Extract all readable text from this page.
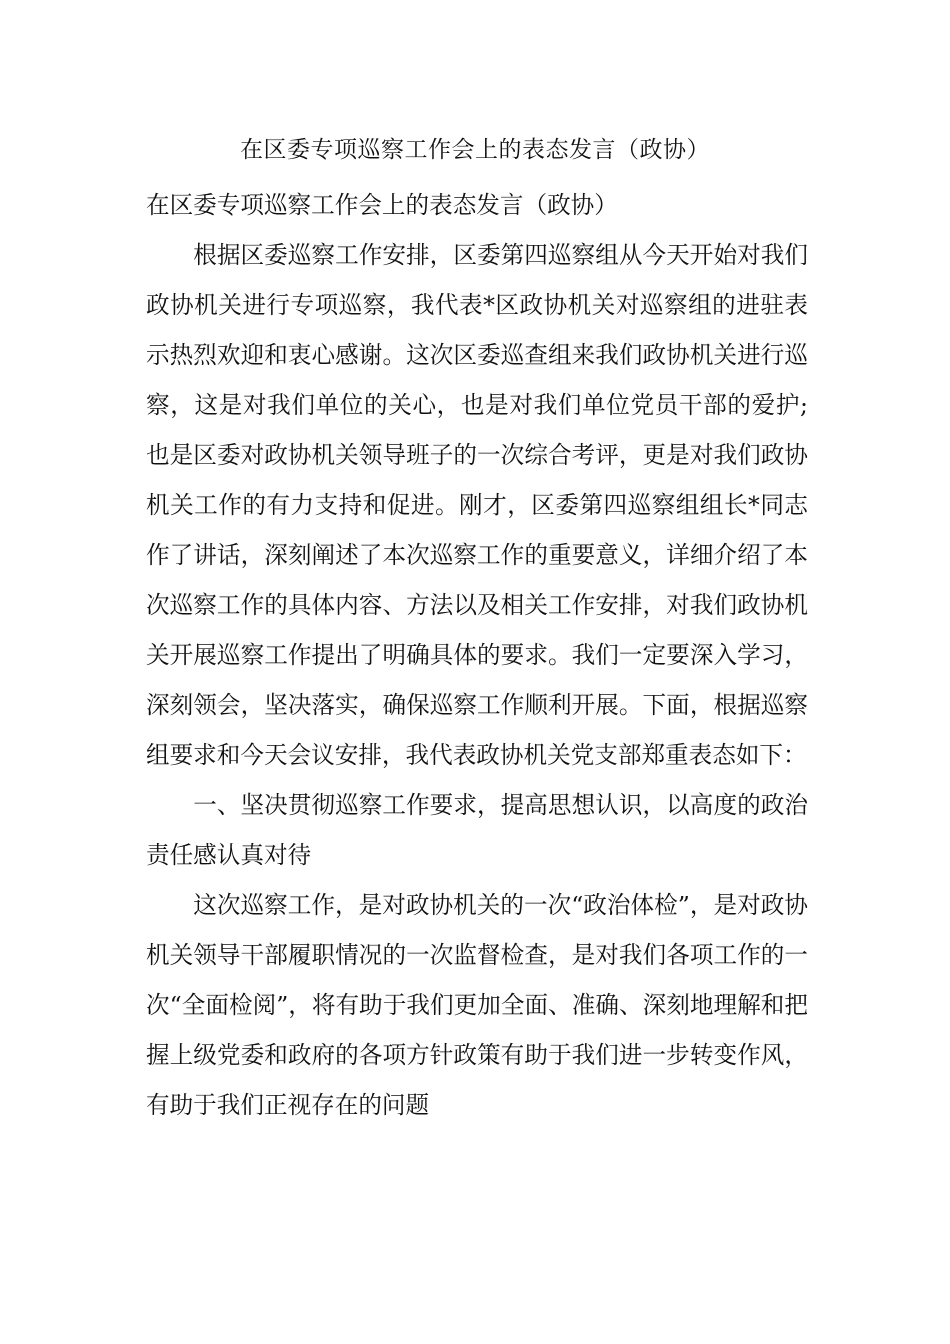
在区委专项巡察工作会上的表态发言（政协）

在区委专项巡察工作会上的表态发言（政协）

根据区委巡察工作安排，区委第四巡察组从今天开始对我们政协机关进行专项巡察，我代表*区政协机关对巡察组的进驻表示热烈欢迎和衷心感谢。这次区委巡查组来我们政协机关进行巡察，这是对我们单位的关心，也是对我们单位党员干部的爱护;也是区委对政协机关领导班子的一次综合考评，更是对我们政协机关工作的有力支持和促进。刚才，区委第四巡察组组长*同志作了讲话，深刻阐述了本次巡察工作的重要意义，详细介绍了本次巡察工作的具体内容、方法以及相关工作安排，对我们政协机关开展巡察工作提出了明确具体的要求。我们一定要深入学习，深刻领会，坚决落实，确保巡察工作顺利开展。下面，根据巡察组要求和今天会议安排，我代表政协机关党支部郑重表态如下：

一、坚决贯彻巡察工作要求，提高思想认识，以高度的政治责任感认真对待

这次巡察工作，是对政协机关的一次“政治体检”，是对政协机关领导干部履职情况的一次监督检查，是对我们各项工作的一次“全面检阅”，将有助于我们更加全面、准确、深刻地理解和把握上级党委和政府的各项方针政策有助于我们进一步转变作风，有助于我们正视存在的问题
